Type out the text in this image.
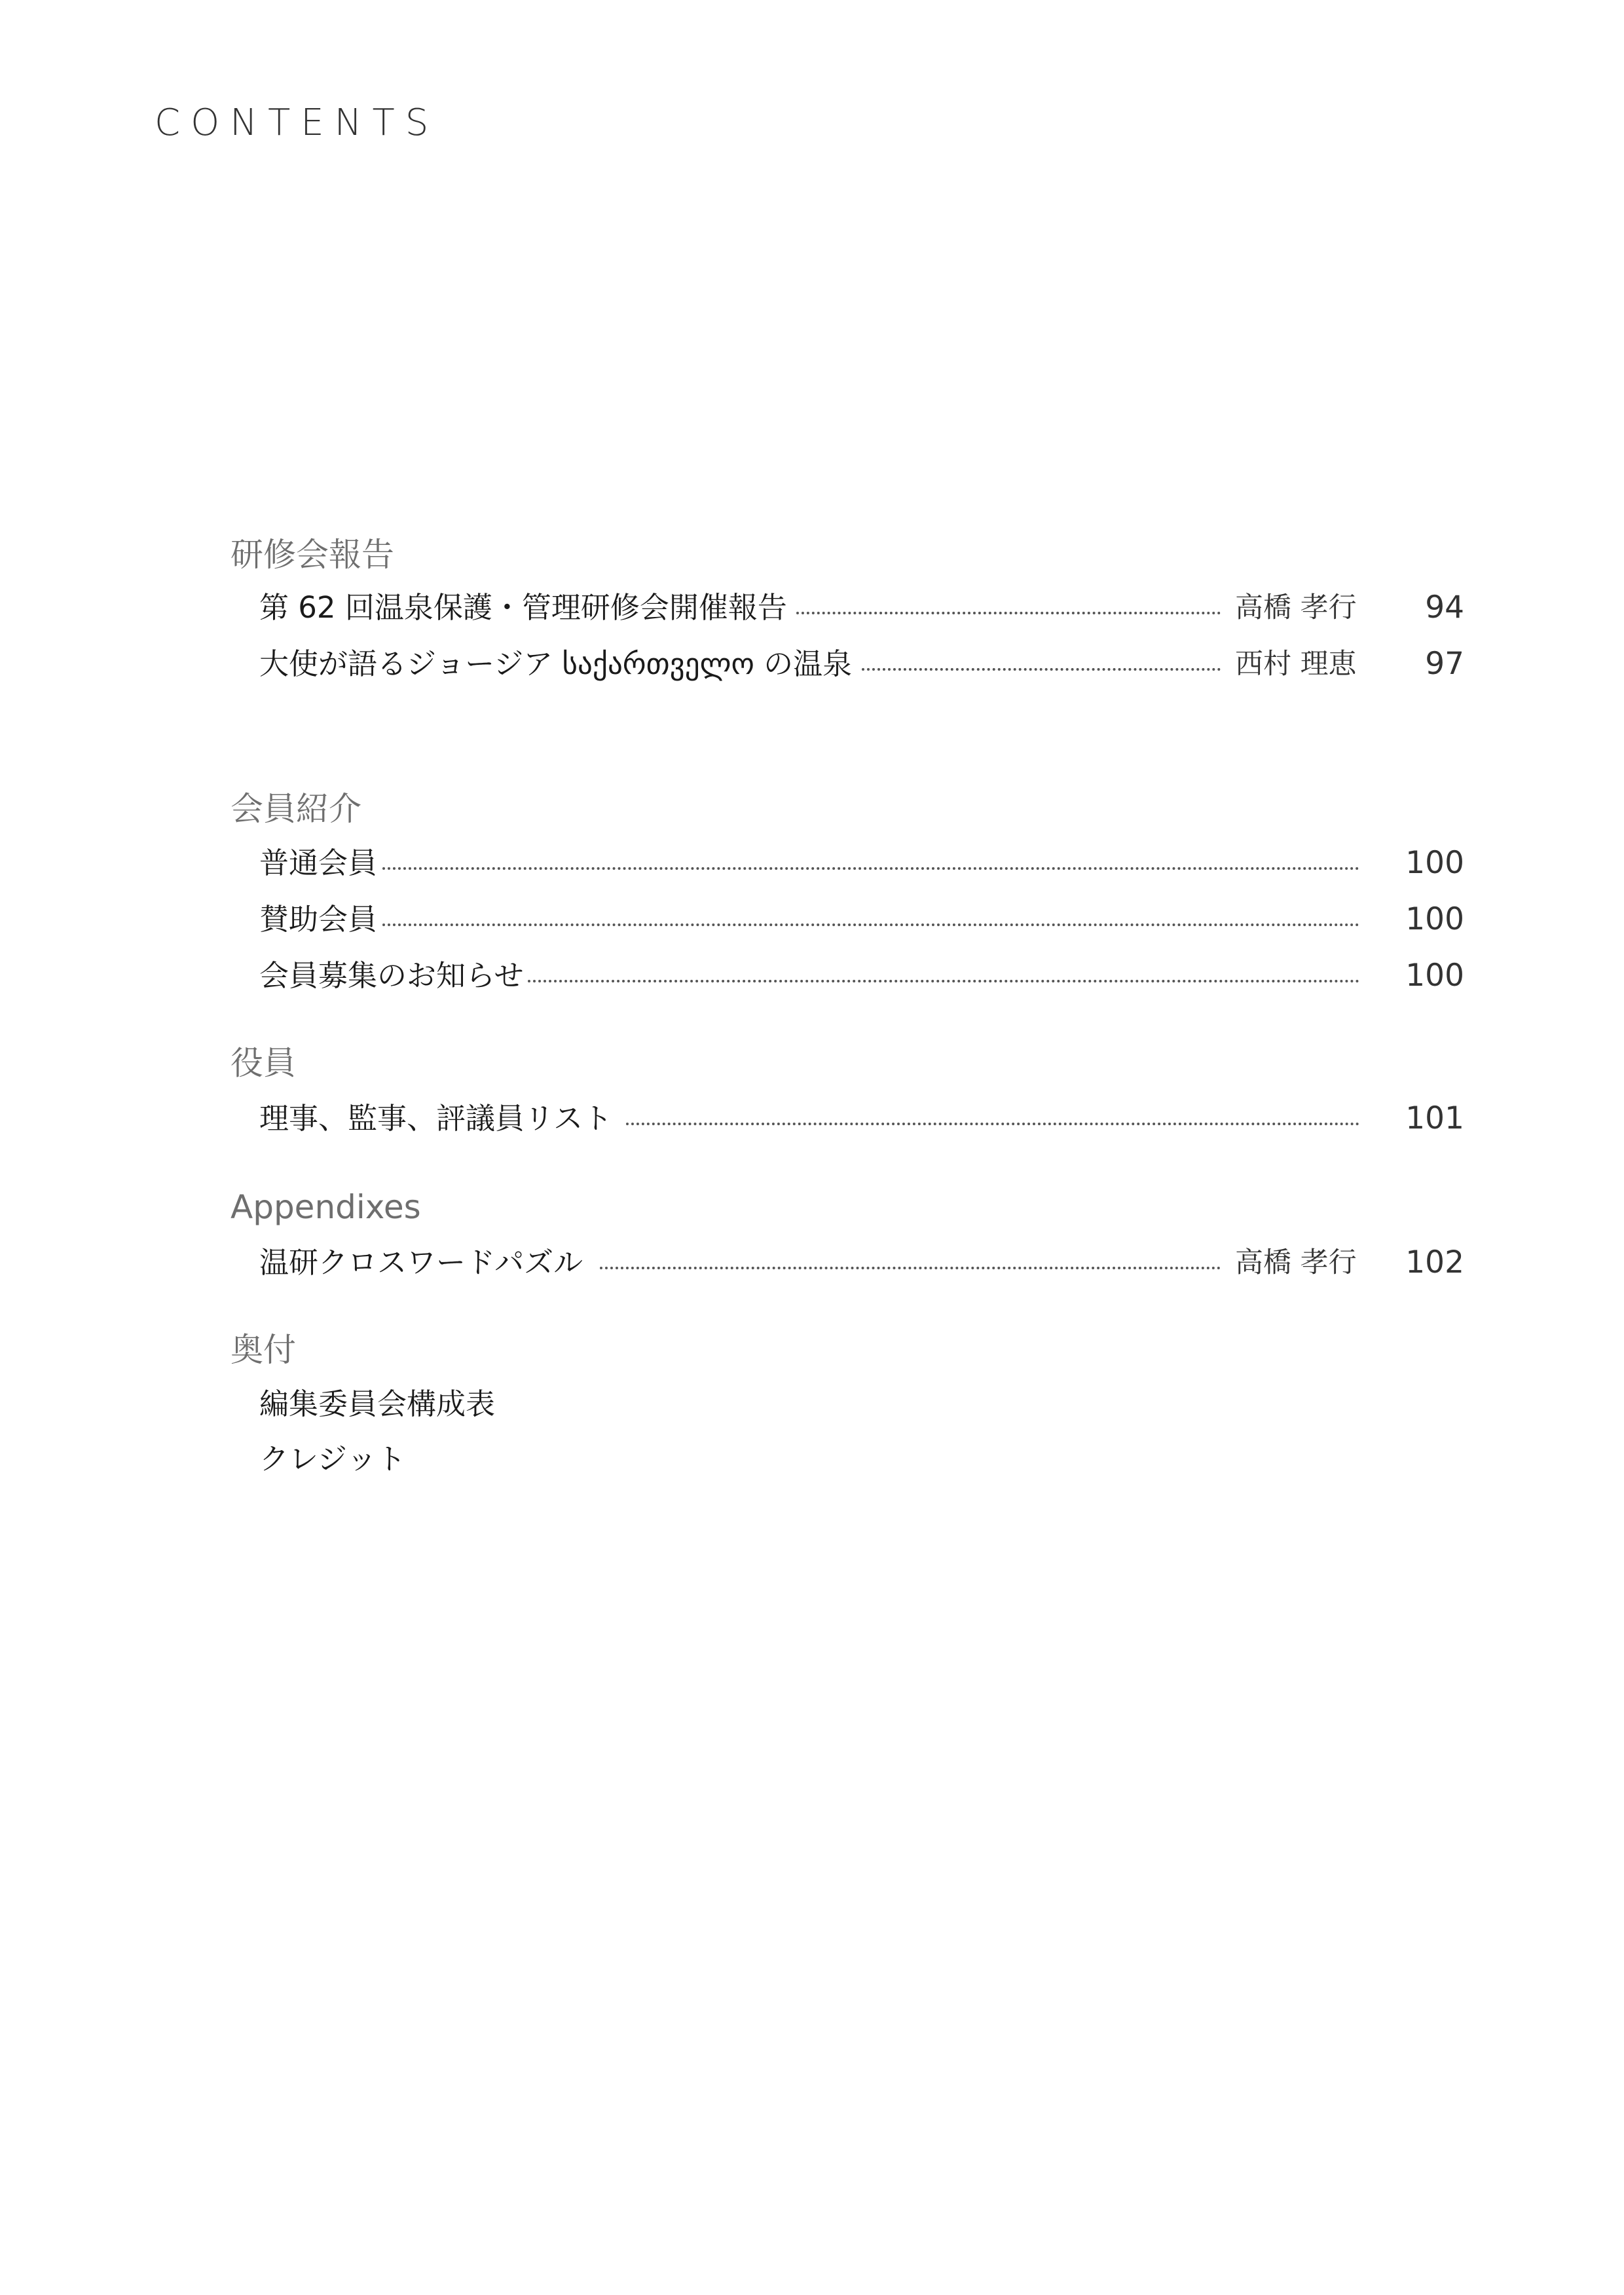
CONTENTS
研修会報告
第 62 回温泉保護・管理研修会開催報告	高橋 孝行 94
大使が語るジョージア საქართველო の温泉	西村 理恵 97
会員紹介
普通会員	100
賛助会員	100
会員募集のお知らせ	100
役員
理事、監事、評議員リスト	101
Appendixes
温研クロスワードパズル	高橋 孝行 102
奥付
編集委員会構成表
クレジット
